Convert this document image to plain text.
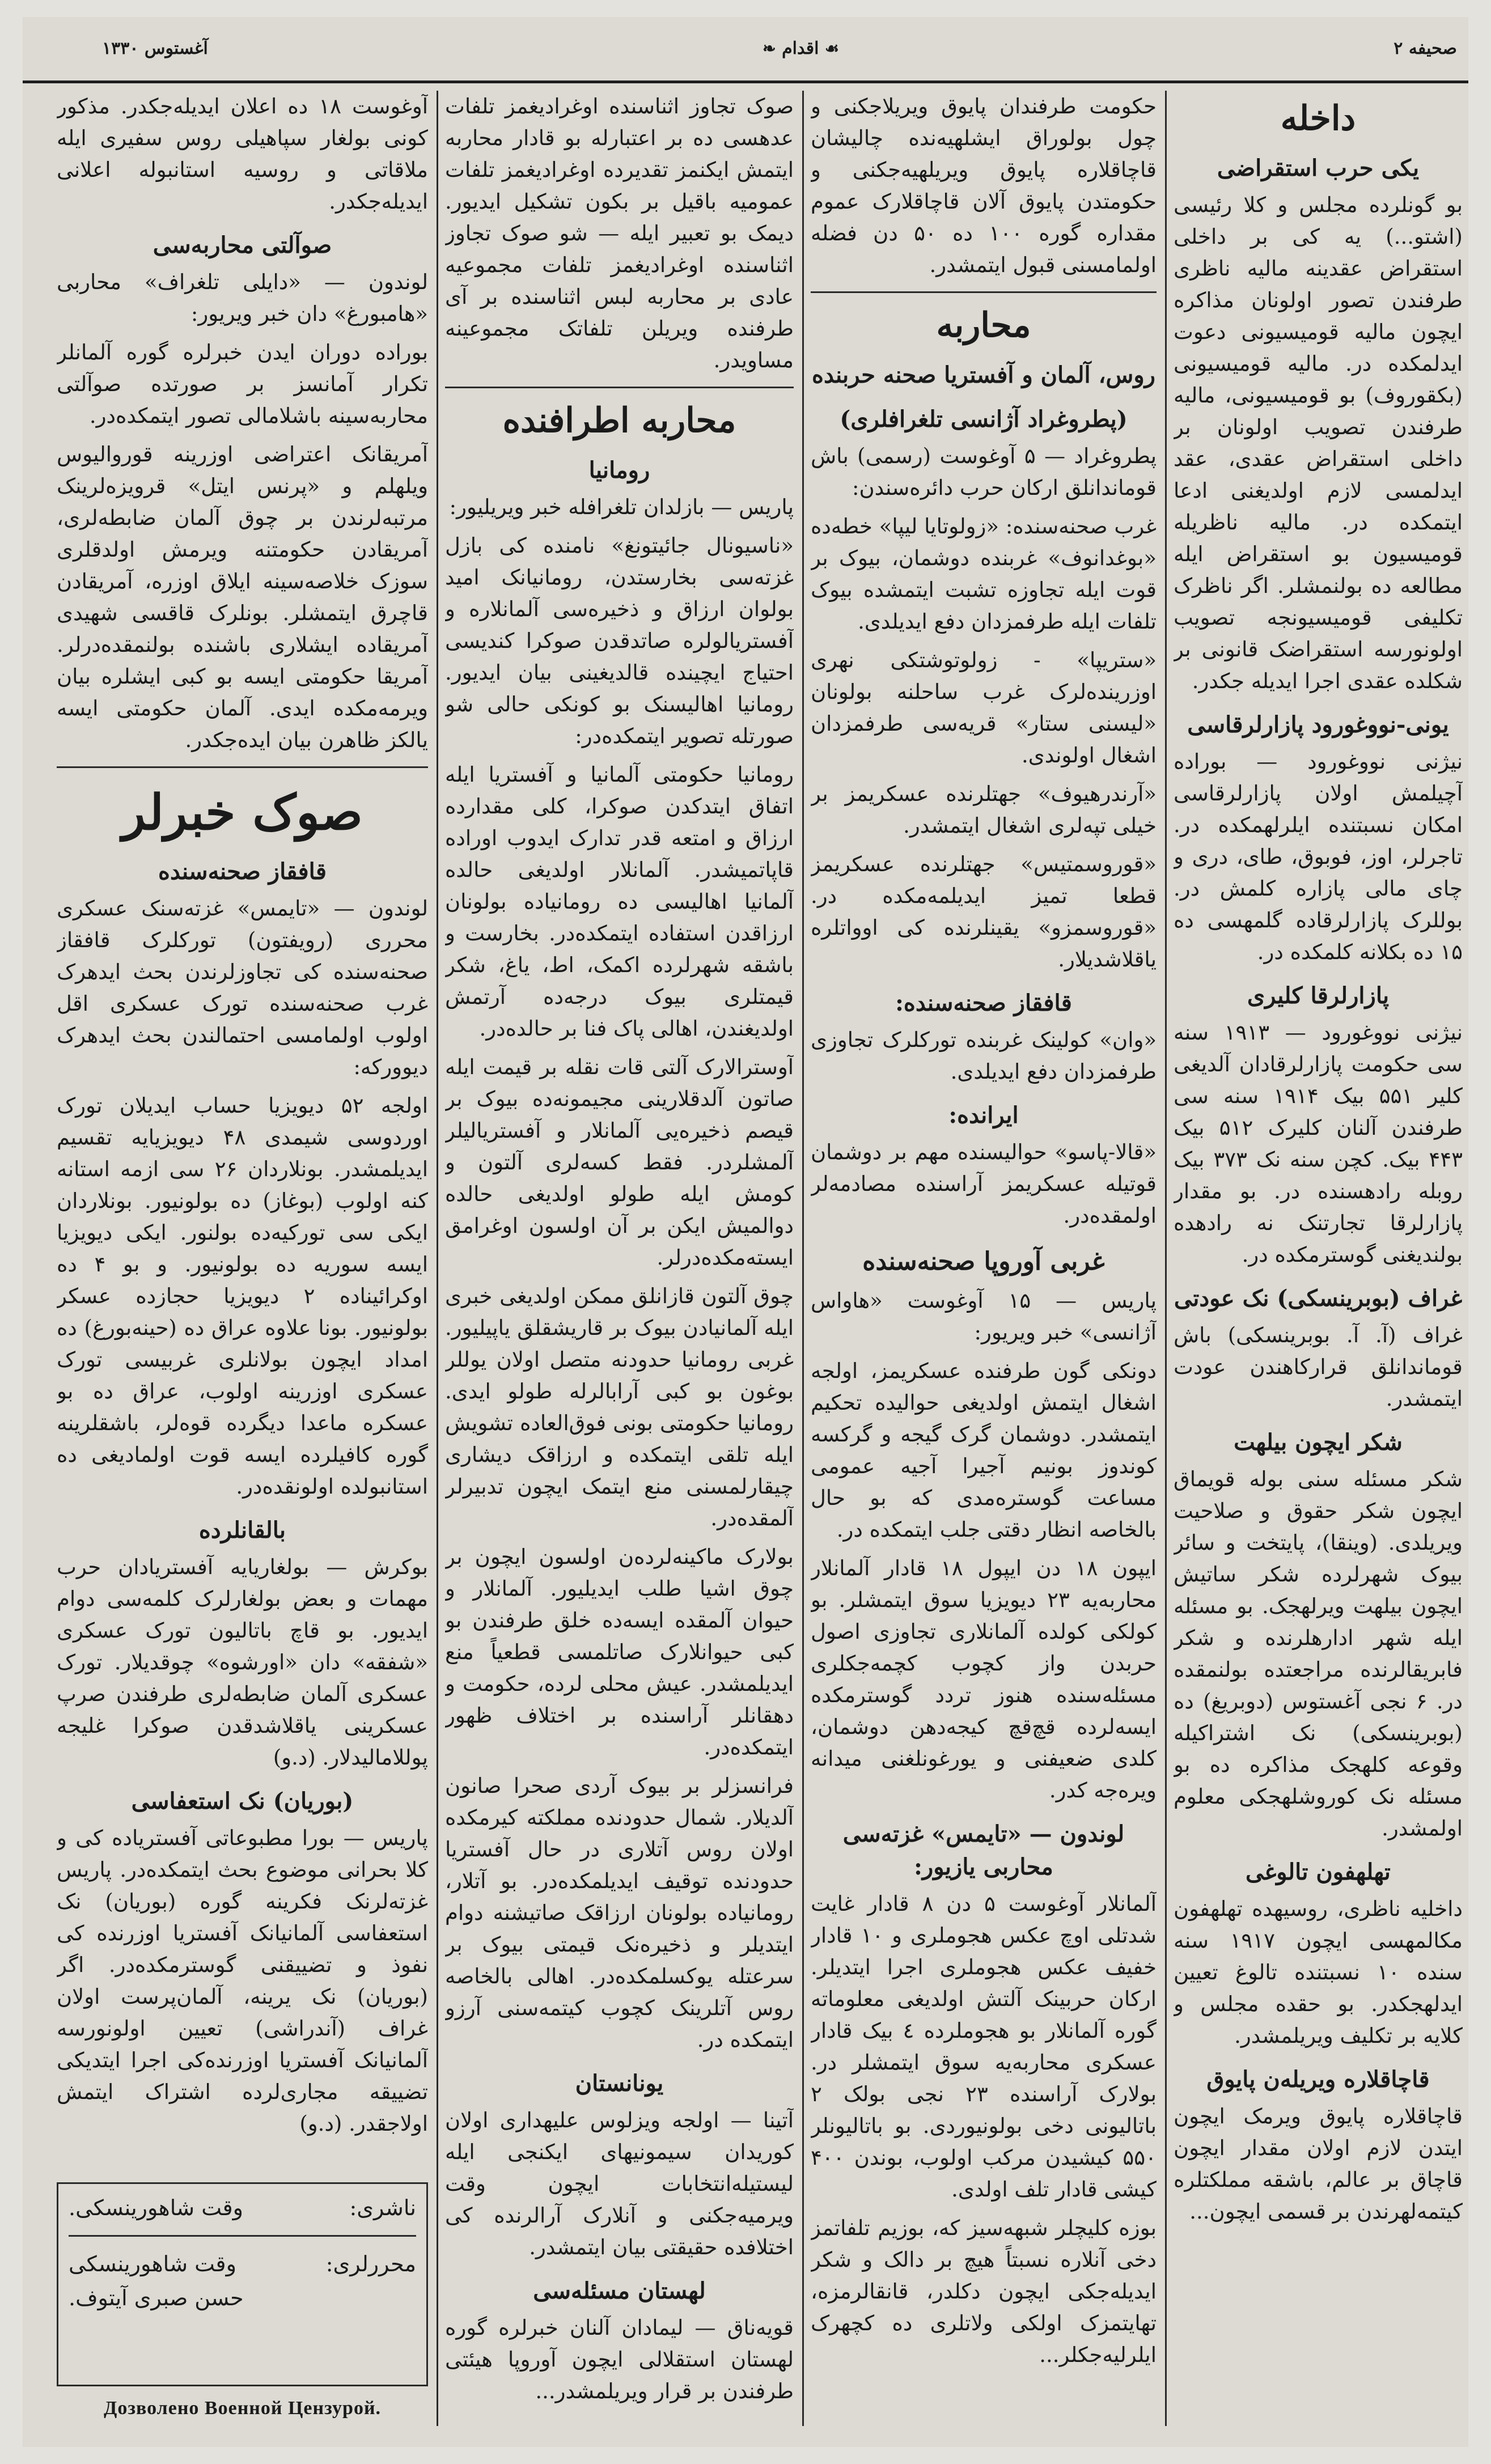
۱۳۳۰ آغستوس	❧ اقدام ☙	۲ صحیفه
داخله
یکی حرب استقراضی

بو گونلرده مجلس و کلا رئیسی (اشتو...) یه کی بر داخلی استقراض عقدینه مالیه ناظری طرفندن تصور اولونان مذاکره ایچون مالیه قومیسیونی دعوت ایدلمکده در. مالیه قومیسیونی (بکقوروف) بو قومیسیونی، مالیه طرفندن تصویب اولونان بر داخلی استقراض عقدی، عقد ایدلمسی لازم اولدیغنی ادعا ایتمکده در. مالیه ناظریله قومیسیون بو استقراض ایله مطالعه ده بولنمشلر. اگر ناظرک تکلیفی قومیسیونجه تصویب اولونورسه استقراضک قانونی بر شکلده عقدی اجرا ایدیله جکدر.

یونی-نووغورود پازارلرقاسی

نیژنی نووغورود — بوراده آچیلمش اولان پازارلرقاسی امکان نسبتنده ایلرلهمکده در. تاجرلر، اوز، فوبوق، طای، دری و چای مالی پازاره کلمش در. بوللرک پازارلرقاده گلمهسی ده ۱۵ ده بکلانه کلمکده در.

پازارلرقا کلیری

نیژنی نووغورود — ۱۹۱۳ سنه سی حکومت پازارلرقادان آلدیغی کلیر ۵۵۱ بیک ۱۹۱۴ سنه سی طرفندن آلنان کلیرک ۵۱۲ بیک ۴۴۳ بیک. کچن سنه نک ۳۷۳ بیک روبله رادهسنده در. بو مقدار پازارلرقا تجارتنک نه رادهده بولندیغنی گوسترمکده در.

غراف (بوبرینسکی) نک عودتی

غراف (آ. آ. بوبرینسکی) باش قوماندانلق قرارکاهندن عودت ایتمشدر.

شکر ایچون بیلهت

شکر مسئله سنی بوله قویماق ایچون شکر حقوق و صلاحیت ویریلدی. (وینقا)، پایتخت و سائر بیوک شهرلرده شکر ساتیش ایچون بیلهت ویرلهجک. بو مسئله ایله شهر ادارهلرنده و شکر فابریقالرنده مراجعتده بولنمقده در. ۶ نجی آغستوس (دوبریغ) ده (بوبرینسکی) نک اشتراکیله وقوعه کلهجک مذاکره ده بو مسئله نک کوروشلهجکی معلوم اولمشدر.

تهلهفون تالوغی

داخلیه ناظری، روسیهده تهلهفون مکالمهسی ایچون ۱۹۱۷ سنه سنده ۱۰ نسبتنده تالوغ تعیین ایدلهجکدر. بو حقده مجلس و کلایه بر تکلیف ویریلمشدر.

قاچاقلاره ویریله‌ن پایوق

قاچاقلاره پایوق ویرمک ایچون ایتدن لازم اولان مقدار ایچون قاچاق بر عالم، باشقه مملکتلره کیتمه‌لهرندن بر قسمی ایچون...

حکومت طرفندان پایوق ویریلاجکنی و چول بولوراق ایشلهیه‌نده چالیشان قاچاقلاره پایوق ویریلهیه‌جکنی و حکومتدن پایوق آلان قاچاقلارک عموم مقداره گوره ۱۰۰ ده ۵۰ دن فضله اولمامسنی قبول ایتمشدر.

محاربه
روس، آلمان و آفستریا صحنه حربنده
(پطروغراد آژانسی تلغرافلری)

پطروغراد — ۵ آوغوست (رسمی) باش قوماندانلق ارکان حرب دائره‌سندن:

غرب صحنه‌سنده: «زولوتایا لیپا» خطه‌ده «بوغدانوف» غربنده دوشمان، بیوک بر قوت ایله تجاوزه تشبت ایتمشده بیوک تلفات ایله طرفمزدان دفع ایدیلدی.

«ستریپا» - زولوتوشتکی نهری اوزرینده‌لرک غرب ساحلنه بولونان «لیسنی ستار» قریه‌سی طرفمزدان اشغال اولوندی.

«آرندرهیوف» جهتلرنده عسکریمز بر خیلی تپه‌لری اشغال ایتمشدر.

«قوروسمتیس» جهتلرنده عسکریمز قطعا تمیز ایدیلمه‌مکده در. «قوروسمزو» یقینلرنده کی اوواتلره یاقلاشدیلار.

قافقاز صحنه‌سنده:

«وان» کولینک غربنده تورکلرک تجاوزی طرفمزدان دفع ایدیلدی.

ایرانده:

«قالا-پاسو» حوالیسنده مهم بر دوشمان قوتیله عسکریمز آراسنده مصادمه‌لر اولمقده‌در.

غربی آوروپا صحنه‌سنده

پاریس — ۱۵ آوغوست «هاواس آژانسی» خبر ویریور:

دونکی گون طرفنده عسکریمز، اولجه اشغال ایتمش اولدیغی حوالیده تحکیم ایتمشدر. دوشمان گرک گیجه و گرکسه کوندوز بونیم آجیرا آجیه عمومی مساعت گوستره‌مدی که بو حال بالخاصه انظار دقتی جلب ایتمکده در.

ایپون ۱۸ دن ایپول ۱۸ قادار آلمانلار محاربه‌یه ۲۳ دیویزیا سوق ایتمشلر. بو کولکی کولده آلمانلاری تجاوزی اصول حربدن واز کچوب کچمه‌جکلری مسئله‌سنده هنوز تردد گوسترمکده ایسه‌لرده قچ‌قچ کیجه‌دهن دوشمان، کلدی ضعیفنی و یورغونلغنی میدانه ویره‌جه کدر.

لوندون — «تایمس» غزته‌سی محاربی یازیور:

آلمانلار آوغوست ۵ دن ۸ قادار غایت شدتلی اوچ عکس هجوملری و ۱۰ قادار خفیف عکس هجوملری اجرا ایتدیلر. ارکان حربینک آلتش اولدیغی معلوماته گوره آلمانلار بو هجوملرده ٤ بیک قادار عسکری محاربه‌یه سوق ایتمشلر در. بولارک آراسنده ۲۳ نجی بولک ۲ باتالیونی دخی بولونیوردی. بو باتالیونلر ۵۵۰ کیشیدن مرکب اولوب، بوندن ۴۰۰ کیشی قادار تلف اولدی.

بوزه کلیچلر شبهه‌سیز که، بوزیم تلفاتمز دخی آنلاره نسبتاً هیچ بر دالک و شکر ایدیله‌جکی ایچون دکلدر، قانقالرمزه، تهایتمزک اولکی ولاتلری ده کچهرک ایلرلیه‌جکلر...

صوک تجاوز اثناسنده اوغرادیغمز تلفات عدهسی ده بر اعتبارله بو قادار محاربه ایتمش ایکنمز تقدیرده اوغرادیغمز تلفات عمومیه باقیل بر بکون تشکیل ایدیور. دیمک بو تعبیر ایله — شو صوک تجاوز اثناسنده اوغرادیغمز تلفات مجموعیه عادی بر محاربه لبس اثناسنده بر آی طرفنده ویریلن تلفاتک مجموعینه مساویدر.

محاربه اطرافنده
رومانیا

پاریس — بازلدان تلغرافله خبر ویریلیور:

«ناسیونال جائیتونغ» نامنده کی بازل غزته‌سی بخارستدن، رومانیانک امید بولوان ارزاق و ذخیره‌سی آلمانلاره و آفستریالولره صاتدقدن صوکرا کندیسی احتیاج ایچینده قالدیغینی بیان ایدیور. رومانیا اهالیسنک بو کونکی حالی شو صورتله تصویر ایتمکده‌در:

رومانیا حکومتی آلمانیا و آفستریا ایله اتفاق ایتدکدن صوکرا، کلی مقدارده ارزاق و امتعه قدر تدارک ایدوب اوراده قاپاتمیشدر. آلمانلار اولدیغی حالده آلمانیا اهالیسی ده رومانیاده بولونان ارزاقدن استفاده ایتمکده‌در. بخارست و باشقه شهرلرده اکمک، اط، یاغ، شکر قیمتلری بیوک درجه‌ده آرتمش اولدیغندن، اهالی پاک فنا بر حالده‌در.

آوسترالارک آلتی قات نقله بر قیمت ایله صاتون آلدقلارینی مجیمونه‌ده بیوک بر قیصم ذخیره‌یی آلمانلار و آفستریالیلر آلمشلردر. فقط کسه‌لری آلتون و کومش ایله طولو اولدیغی حالده دوالمیش ایکن بر آن اولسون اوغرامق ایسته‌مکده‌درلر.

چوق آلتون قازانلق ممکن اولدیغی خبری ایله آلمانیادن بیوک بر قاریشقلق یاپیلیور. غربی رومانیا حدودنه متصل اولان یوللر بوغون بو کبی آرابالرله طولو ایدی. رومانیا حکومتی بونی فوق‌العاده تشویش ایله تلقی ایتمکده و ارزاقک دیشاری چیقارلمسنی منع ایتمک ایچون تدبیرلر آلمقده‌در.

بولارک ماکینه‌لرده‌ن اولسون ایچون بر چوق اشیا طلب ایدیلیور. آلمانلار و حیوان آلمقده ایسه‌ده خلق طرفندن بو کبی حیوانلارک صاتلمسی قطعیاً منع ایدیلمشدر. عیش محلی لرده، حکومت و دهقانلر آراسنده بر اختلاف ظهور ایتمکده‌در.

فرانسزلر بر بیوک آردی صحرا صانون آلدیلار. شمال حدودنده مملکته کیرمکده اولان روس آتلاری در حال آفستریا حدودنده توقیف ایدیلمکده‌در. بو آتلار، رومانیاده بولونان ارزاقک صاتیشنه دوام ایتدیلر و ذخیره‌نک قیمتی بیوک بر سرعتله یوکسلمکده‌در. اهالی بالخاصه روس آتلرینک کچوب کیتمه‌سنی آرزو ایتمکده در.

یونانستان

آتینا — اولجه ویزلوس علیهداری اولان کوریدان سیمونیهای ایکنجی ایله لیستیله‌انتخابات ایچون وقت ویرمیه‌جکنی و آنلارک آرالرنده کی اختلافده حقیقتی بیان ایتمشدر.

لهستان مسئله‌سی

قویه‌ناق — لیمادان آلنان خبرلره گوره لهستان استقلالی ایچون آوروپا هیئتی طرفندن بر قرار ویریلمشدر...

آوغوست ۱۸ ده اعلان ایدیله‌جکدر. مذکور کونی بولغار سپاهیلی روس سفیری ایله ملاقاتی و روسیه استانبوله اعلانی ایدیله‌جکدر.

صوآلتی محاربه‌سی

لوندون — «دایلی تلغراف» محاربی «هامبورغ» دان خبر ویریور:

بوراده دوران ایدن خبرلره گوره آلمانلر تکرار آمانسز بر صورتده صوآلتی محاربه‌سینه باشلامالی تصور ایتمکده‌در.

آمریقانک اعتراضی اوزرینه قوروالیوس ویلهلم و «پرنس ایتل» قرویزه‌لرینک مرتبه‌لرندن بر چوق آلمان ضابطه‌لری، آمریقادن حکومتنه ویرمش اولدقلری سوزک خلاصه‌سینه ایلاق اوزره، آمریقادن قاچرق ایتمشلر. بونلرک قاقسی شهیدی آمریقاده ایشلاری باشنده بولنمقده‌درلر. آمریقا حکومتی ایسه بو کبی ایشلره بیان ویرمه‌مکده ایدی. آلمان حکومتی ایسه یالکز ظاهرن بیان ایده‌جکدر.

صوک خبرلر
قافقاز صحنه‌سنده

لوندون — «تایمس» غزته‌سنک عسکری محرری (رویفتون) تورکلرک قافقاز صحنه‌سنده کی تجاوزلرندن بحث ایدهرک غرب صحنه‌سنده تورک عسکری اقل اولوب اولمامسی احتمالندن بحث ایدهرک دیوورکه:

اولجه ۵۲ دیویزیا حساب ایدیلان تورک اوردوسی شیمدی ۴۸ دیویزیایه تقسیم ایدیلمشدر. بونلاردان ۲۶ سی ازمه استانه کنه اولوب (بوغاز) ده بولونیور. بونلاردان ایکی سی تورکیه‌ده بولنور. ایکی دیویزیا ایسه سوریه ده بولونیور. و بو ۴ ده اوکرائیناده ۲ دیویزیا حجازده عسکر بولونیور. بونا علاوه عراق ده (حینه‌بورغ) ده امداد ایچون بولانلری غربیسی تورک عسکری اوزرینه اولوب، عراق ده بو عسکره ماعدا دیگرده قوه‌لر، باشقلرینه گوره کافیلرده ایسه قوت اولمادیغی ده استانبولده اولونقده‌در.

بالقانلرده

بوکرش — بولغاریایه آفستریادان حرب مهمات و بعض بولغارلرک کلمه‌سی دوام ایدیور. بو قاچ باتالیون تورک عسکری «شفقه» دان «اورشوه» چوقدیلار. تورک عسکری آلمان ضابطه‌لری طرفندن صرپ عسکرینی یاقلاشدقدن صوکرا غلیجه پوللامالیدلار. (د.و)

(بوریان) نک استعفاسی

پاریس — بورا مطبوعاتی آفستریاده کی و کلا بحرانی موضوع بحث ایتمکده‌در. پاریس غزته‌لرنک فکرینه گوره (بوریان) نک استعفاسی آلمانیانک آفستریا اوزرنده کی نفوذ و تضییقنی گوسترمکده‌در. اگر (بوریان) نک یرینه، آلمان‌پرست اولان غراف (آندراشی) تعیین اولونورسه آلمانیانک آفستریا اوزرنده‌کی اجرا ایتدیکی تضییقه مجاری‌لرده اشتراک ایتمش اولاجقدر. (د.و)

ناشری:
وقت شاهورینسکی.
محررلری:
وقت شاهورینسکی
حسن صبری آیتوف.
Дозволено Военной Цензурой.
